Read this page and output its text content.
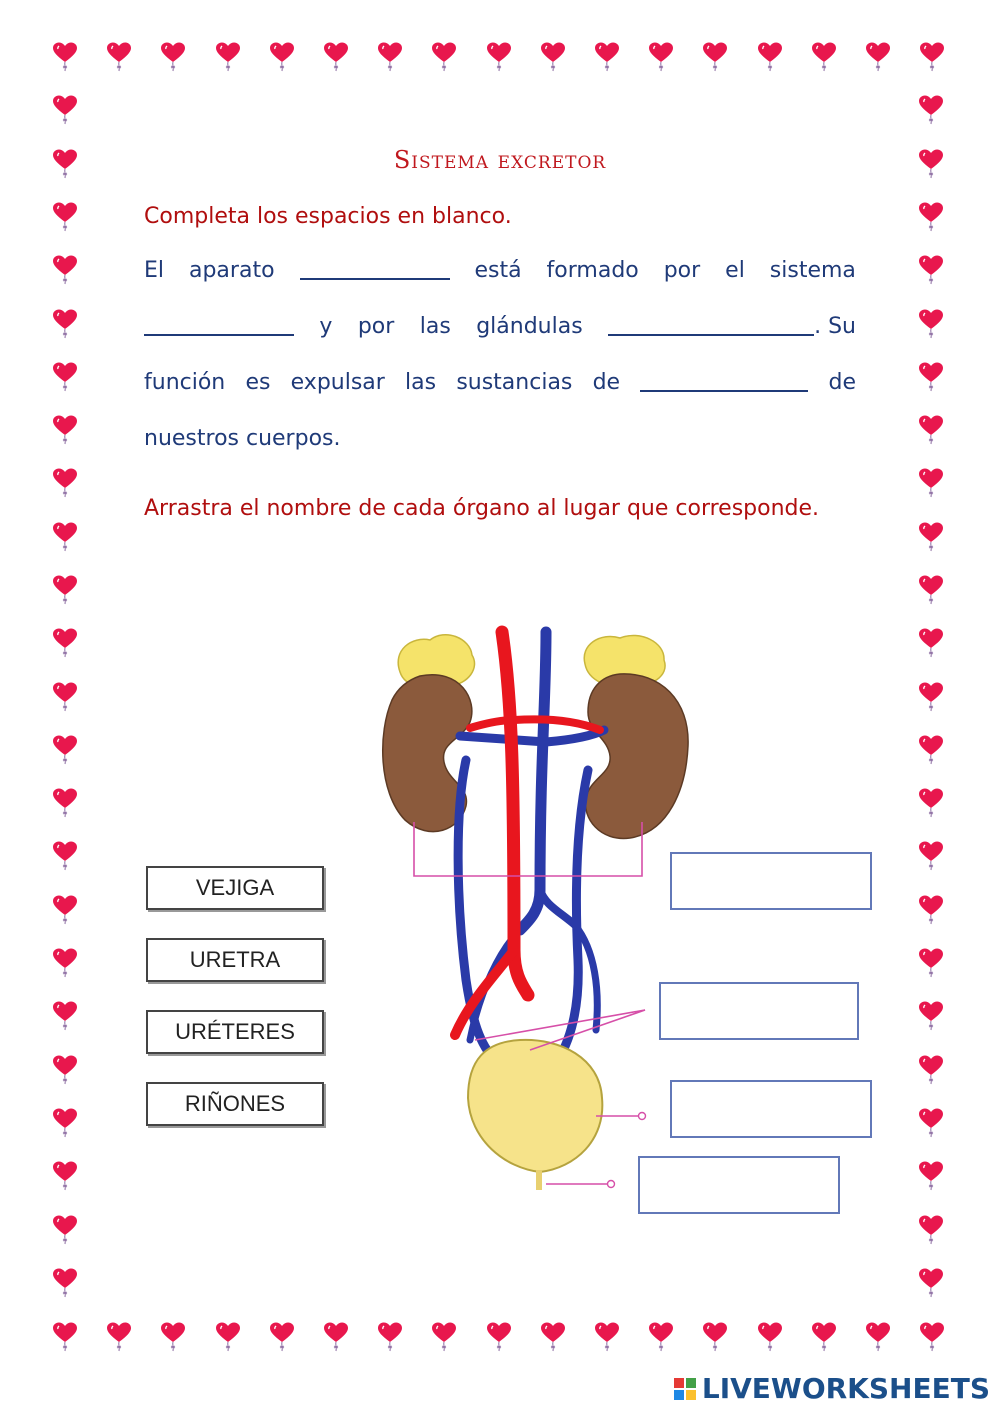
Sistema excretor
Completa los espacios en blanco.
El aparato	está formado por el sistema
y por las glándulas	. Su
función es expulsar las sustancias de	de
nuestros cuerpos.
Arrastra el nombre de cada órgano al lugar que corresponde.
VEJIGA
URETRA
URÉTERES
RIÑONES
LIVEWORKSHEETS
